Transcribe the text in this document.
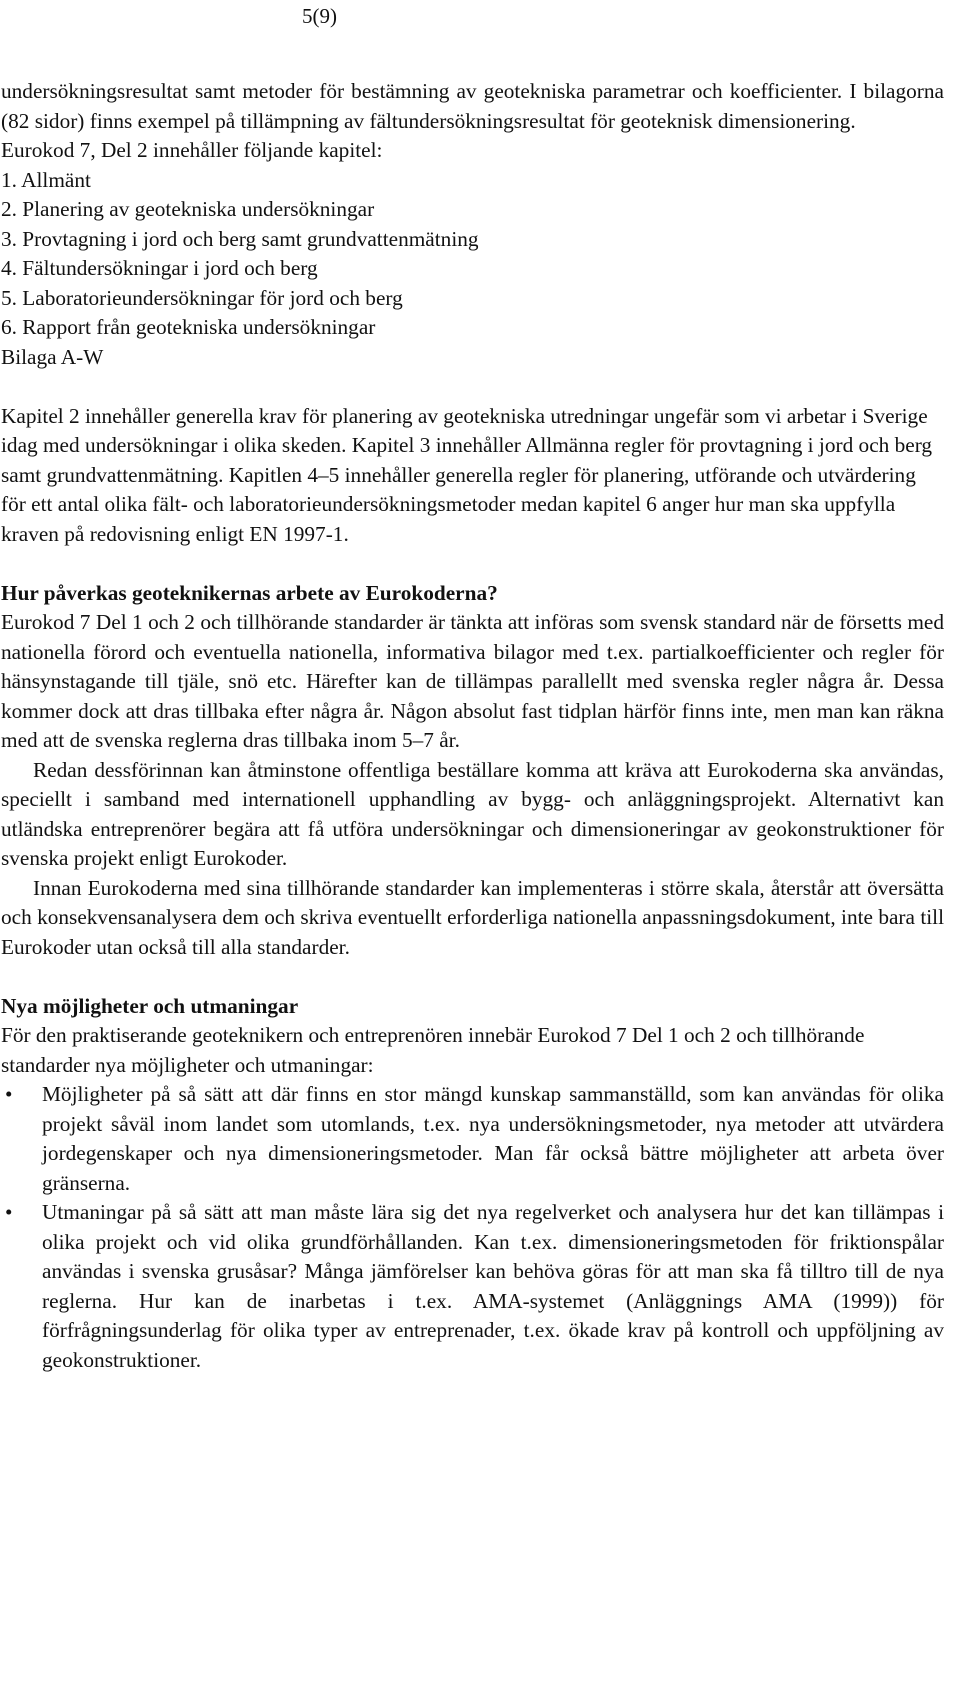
5(9)

undersökningsresultat samt metoder för bestämning av geotekniska parametrar och koefficienter. I bilagorna (82 sidor) finns exempel på tillämpning av fältundersökningsresultat för geoteknisk dimensionering.

Eurokod 7, Del 2 innehåller följande kapitel:

1. Allmänt
2. Planering av geotekniska undersökningar
3. Provtagning i jord och berg samt grundvattenmätning
4. Fältundersökningar i jord och berg
5. Laboratorieundersökningar för jord och berg
6. Rapport från geotekniska undersökningar
Bilaga A-W

Kapitel 2 innehåller generella krav för planering av geotekniska utredningar ungefär som vi arbetar i Sverige idag med undersökningar i olika skeden. Kapitel 3 innehåller Allmänna regler för provtagning i jord och berg samt grundvattenmätning. Kapitlen 4–5 innehåller generella regler för planering, utförande och utvärdering för ett antal olika fält- och laboratorieundersökningsmetoder medan kapitel 6 anger hur man ska uppfylla kraven på redovisning enligt EN 1997-1.

Hur påverkas geoteknikernas arbete av Eurokoderna?

Eurokod 7 Del 1 och 2 och tillhörande standarder är tänkta att införas som svensk standard när de försetts med nationella förord och eventuella nationella, informativa bilagor med t.ex. partialkoefficienter och regler för hänsynstagande till tjäle, snö etc. Härefter kan de tillämpas parallellt med svenska regler några år. Dessa kommer dock att dras tillbaka efter några år. Någon absolut fast tidplan härför finns inte, men man kan räkna med att de svenska reglerna dras tillbaka inom 5–7 år.

Redan dessförinnan kan åtminstone offentliga beställare komma att kräva att Eurokoderna ska användas, speciellt i samband med internationell upphandling av bygg- och anläggningsprojekt. Alternativt kan utländska entreprenörer begära att få utföra undersökningar och dimensioneringar av geokonstruktioner för svenska projekt enligt Eurokoder.

Innan Eurokoderna med sina tillhörande standarder kan implementeras i större skala, återstår att översätta och konsekvensanalysera dem och skriva eventuellt erforderliga nationella anpassningsdokument, inte bara till Eurokoder utan också till alla standarder.

Nya möjligheter och utmaningar

För den praktiserande geoteknikern och entreprenören innebär Eurokod 7 Del 1 och 2 och tillhörande standarder nya möjligheter och utmaningar:

•	Möjligheter på så sätt att där finns en stor mängd kunskap sammanställd, som kan användas för olika projekt såväl inom landet som utomlands, t.ex. nya undersökningsmetoder, nya metoder att utvärdera jordegenskaper och nya dimensioneringsmetoder. Man får också bättre möjligheter att arbeta över gränserna.
•	Utmaningar på så sätt att man måste lära sig det nya regelverket och analysera hur det kan tillämpas i olika projekt och vid olika grundförhållanden. Kan t.ex. dimensioneringsmetoden för friktionspålar användas i svenska grusåsar? Många jämförelser kan behöva göras för att man ska få tilltro till de nya reglerna. Hur kan de inarbetas i t.ex. AMA-systemet (Anläggnings AMA (1999)) för förfrågningsunderlag för olika typer av entreprenader, t.ex. ökade krav på kontroll och uppföljning av geokonstruktioner.
